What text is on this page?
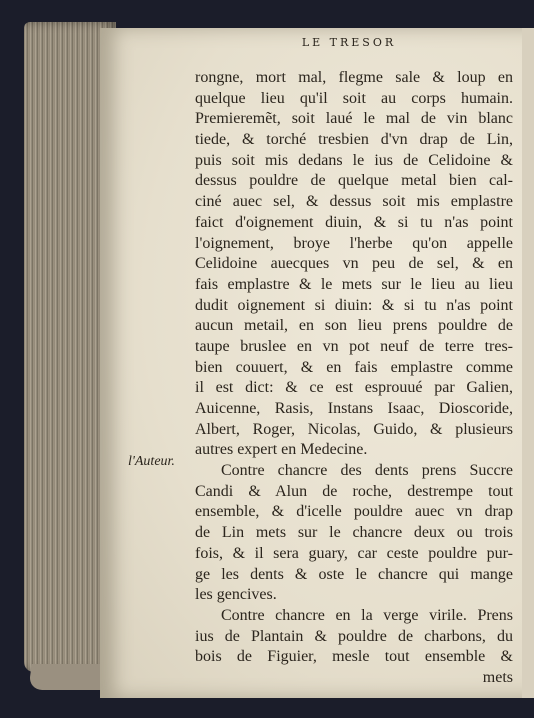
LE TRESOR
l'Auteur.
rongne, mort mal, flegme sale & loup en
quelque lieu qu'il soit au corps humain.
Premieremẽt, soit laué le mal de vin blanc
tiede, & torché tresbien d'vn drap de Lin,
puis soit mis dedans le ius de Celidoine &
dessus pouldre de quelque metal bien cal-
ciné auec sel, & dessus soit mis emplastre
faict d'oignement diuin, & si tu n'as point
l'oignement, broye l'herbe qu'on appelle
Celidoine auecques vn peu de sel, & en
fais emplastre & le mets sur le lieu au lieu
dudit oignement si diuin: & si tu n'as point
aucun metail, en son lieu prens pouldre de
taupe bruslee en vn pot neuf de terre tres-
bien couuert, & en fais emplastre comme
il est dict: & ce est esprouué par Galien,
Auicenne, Rasis, Instans Isaac, Dioscoride,
Albert, Roger, Nicolas, Guido, & plusieurs
autres expert en Medecine.
Contre chancre des dents prens Succre
Candi & Alun de roche, destrempe tout
ensemble, & d'icelle pouldre auec vn drap
de Lin mets sur le chancre deux ou trois
fois, & il sera guary, car ceste pouldre pur-
ge les dents & oste le chancre qui mange
les gencives.
Contre chancre en la verge virile. Prens
ius de Plantain & pouldre de charbons, du
bois de Figuier, mesle tout ensemble &
mets
